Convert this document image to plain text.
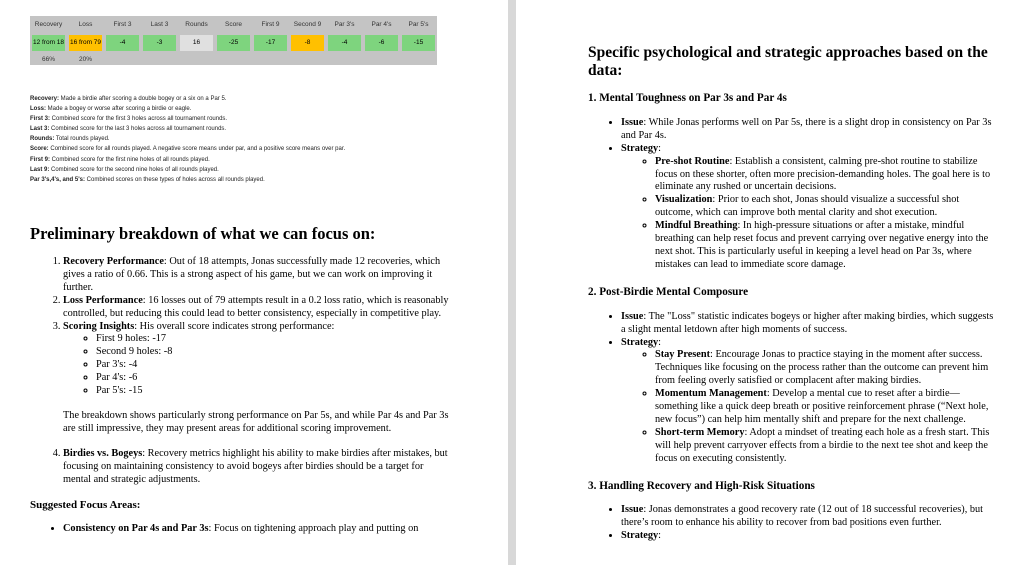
Recovery	Loss	First 3	Last 3	Rounds	Score	First 9	Second 9	Par 3's	Par 4's	Par 5's
12 from 18	16 from 79	-4	-3	16	-25	-17	-8	-4	-6	-15
66%	20%									
Recovery: Made a birdie after scoring a double bogey or a six on a Par 5.
Loss: Made a bogey or worse after scoring a birdie or eagle.
First 3: Combined score for the first 3 holes across all tournament rounds.
Last 3: Combined score for the last 3 holes across all tournament rounds.
Rounds: Total rounds played.
Score: Combined score for all rounds played. A negative score means under par, and a positive score means over par.
First 9: Combined score for the first nine holes of all rounds played.
Last 9: Combined score for the second nine holes of all rounds played.
Par 3's,4's, and 5's: Combined scores on these types of holes across all rounds played.
Preliminary breakdown of what we can focus on:
1. Recovery Performance: Out of 18 attempts, Jonas successfully made 12 recoveries, which gives a ratio of 0.66. This is a strong aspect of his game, but we can work on improving it further.
2. Loss Performance: 16 losses out of 79 attempts result in a 0.2 loss ratio, which is reasonably controlled, but reducing this could lead to better consistency, especially in competitive play.
3. Scoring Insights: His overall score indicates strong performance:
◦ First 9 holes: -17
◦ Second 9 holes: -8
◦ Par 3's: -4
◦ Par 4's: -6
◦ Par 5's: -15

The breakdown shows particularly strong performance on Par 5s, and while Par 4s and Par 3s are still impressive, they may present areas for additional scoring improvement.

4. Birdies vs. Bogeys: Recovery metrics highlight his ability to make birdies after mistakes, but focusing on maintaining consistency to avoid bogeys after birdies should be a target for mental and strategic adjustments.
Suggested Focus Areas:
• Consistency on Par 4s and Par 3s: Focus on tightening approach play and putting on
Specific psychological and strategic approaches based on the data:
1. Mental Toughness on Par 3s and Par 4s
• Issue: While Jonas performs well on Par 5s, there is a slight drop in consistency on Par 3s and Par 4s.
• Strategy:
◦ Pre-shot Routine: Establish a consistent, calming pre-shot routine to stabilize focus on these shorter, often more precision-demanding holes. The goal here is to eliminate any rushed or uncertain decisions.
◦ Visualization: Prior to each shot, Jonas should visualize a successful shot outcome, which can improve both mental clarity and shot execution.
◦ Mindful Breathing: In high-pressure situations or after a mistake, mindful breathing can help reset focus and prevent carrying over negative energy into the next shot. This is particularly useful in keeping a level head on Par 3s, where mistakes can lead to immediate score damage.
2. Post-Birdie Mental Composure
• Issue: The "Loss" statistic indicates bogeys or higher after making birdies, which suggests a slight mental letdown after high moments of success.
• Strategy:
◦ Stay Present: Encourage Jonas to practice staying in the moment after success. Techniques like focusing on the process rather than the outcome can prevent him from feeling overly satisfied or complacent after making birdies.
◦ Momentum Management: Develop a mental cue to reset after a birdie—something like a quick deep breath or positive reinforcement phrase (“Next hole, new focus”) can help him mentally shift and prepare for the next challenge.
◦ Short-term Memory: Adopt a mindset of treating each hole as a fresh start. This will help prevent carryover effects from a birdie to the next tee shot and keep the focus on executing consistently.
3. Handling Recovery and High-Risk Situations
• Issue: Jonas demonstrates a good recovery rate (12 out of 18 successful recoveries), but there’s room to enhance his ability to recover from bad positions even further.
• Strategy:
